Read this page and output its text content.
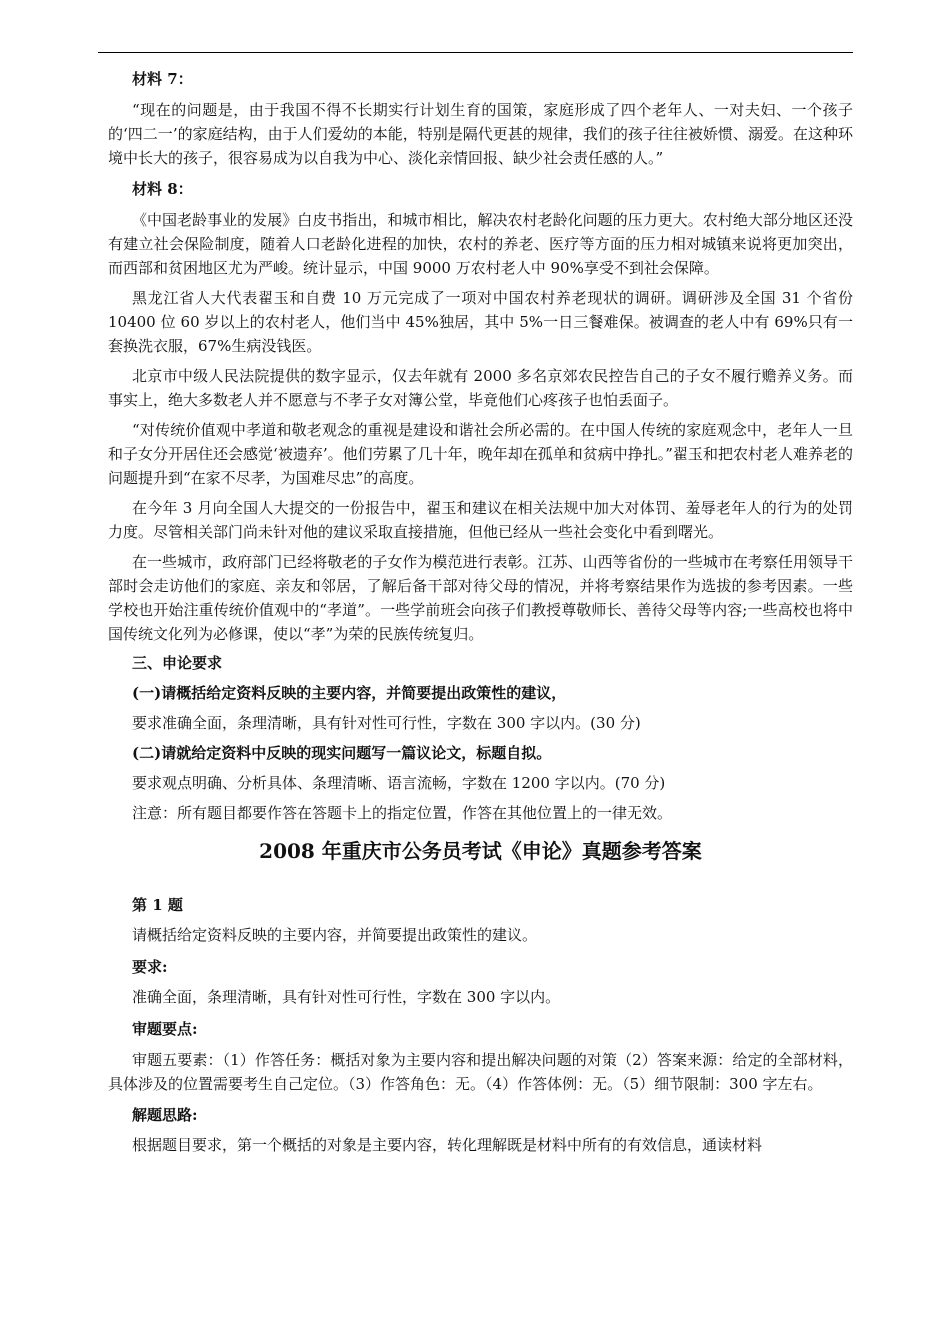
材料 7：
“现在的问题是，由于我国不得不长期实行计划生育的国策，家庭形成了四个老年人、一对夫妇、一个孩子的‘四二一’的家庭结构，由于人们爱幼的本能，特别是隔代更甚的规律，我们的孩子往往被娇惯、溺爱。在这种环境中长大的孩子，很容易成为以自我为中心、淡化亲情回报、缺少社会责任感的人。”
材料 8：
《中国老龄事业的发展》白皮书指出，和城市相比，解决农村老龄化问题的压力更大。农村绝大部分地区还没有建立社会保险制度，随着人口老龄化进程的加快，农村的养老、医疗等方面的压力相对城镇来说将更加突出，而西部和贫困地区尤为严峻。统计显示，中国 9000 万农村老人中 90%享受不到社会保障。
黑龙江省人大代表翟玉和自费 10 万元完成了一项对中国农村养老现状的调研。调研涉及全国 31 个省份 10400 位 60 岁以上的农村老人，他们当中 45%独居，其中 5%一日三餐难保。被调查的老人中有 69%只有一套换洗衣服，67%生病没钱医。
北京市中级人民法院提供的数字显示，仅去年就有 2000 多名京郊农民控告自己的子女不履行赡养义务。而事实上，绝大多数老人并不愿意与不孝子女对簿公堂，毕竟他们心疼孩子也怕丢面子。
“对传统价值观中孝道和敬老观念的重视是建设和谐社会所必需的。在中国人传统的家庭观念中，老年人一旦和子女分开居住还会感觉‘被遗弃’。他们劳累了几十年，晚年却在孤单和贫病中挣扎。”翟玉和把农村老人难养老的问题提升到“在家不尽孝，为国难尽忠”的高度。
在今年 3 月向全国人大提交的一份报告中，翟玉和建议在相关法规中加大对体罚、羞辱老年人的行为的处罚力度。尽管相关部门尚未针对他的建议采取直接措施，但他已经从一些社会变化中看到曙光。
在一些城市，政府部门已经将敬老的子女作为模范进行表彰。江苏、山西等省份的一些城市在考察任用领导干部时会走访他们的家庭、亲友和邻居，了解后备干部对待父母的情况，并将考察结果作为选拔的参考因素。一些学校也开始注重传统价值观中的“孝道”。一些学前班会向孩子们教授尊敬师长、善待父母等内容;一些高校也将中国传统文化列为必修课，使以“孝”为荣的民族传统复归。
三、申论要求
(一)请概括给定资料反映的主要内容，并简要提出政策性的建议，
要求准确全面，条理清晰，具有针对性可行性，字数在 300 字以内。(30 分)
(二)请就给定资料中反映的现实问题写一篇议论文，标题自拟。
要求观点明确、分析具体、条理清晰、语言流畅，字数在 1200 字以内。(70 分)
注意：所有题目都要作答在答题卡上的指定位置，作答在其他位置上的一律无效。
2008 年重庆市公务员考试《申论》真题参考答案
第 1 题
请概括给定资料反映的主要内容，并简要提出政策性的建议。
要求:
准确全面，条理清晰，具有针对性可行性，字数在 300 字以内。
审题要点:
审题五要素：（1）作答任务：概括对象为主要内容和提出解决问题的对策（2）答案来源：给定的全部材料，具体涉及的位置需要考生自己定位。（3）作答角色：无。（4）作答体例：无。（5）细节限制：300 字左右。
解题思路:
根据题目要求，第一个概括的对象是主要内容，转化理解既是材料中所有的有效信息，通读材料
